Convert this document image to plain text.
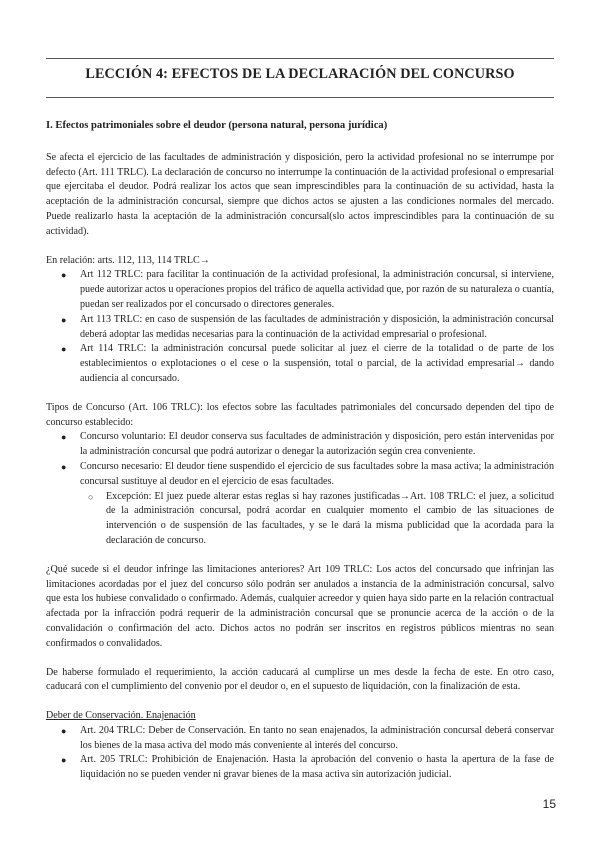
LECCIÓN 4: EFECTOS DE LA DECLARACIÓN DEL CONCURSO

I. Efectos patrimoniales sobre el deudor (persona natural, persona jurídica)

Se afecta el ejercicio de las facultades de administración y disposición, pero la actividad profesional no se interrumpe por defecto (Art. 111 TRLC). La declaración de concurso no interrumpe la continuación de la actividad profesional o empresarial que ejercitaba el deudor. Podrá realizar los actos que sean imprescindibles para la continuación de su actividad, hasta la aceptación de la administración concursal, siempre que dichos actos se ajusten a las condiciones normales del mercado. Puede realizarlo hasta la aceptación de la administración concursal(slo actos imprescindibles para la continuación de su actividad).

En relación: arts. 112, 113, 114 TRLC→

● Art 112 TRLC: para facilitar la continuación de la actividad profesional, la administración concursal, si interviene, puede autorizar actos u operaciones propios del tráfico de aquella actividad que, por razón de su naturaleza o cuantía, puedan ser realizados por el concursado o directores generales.
● Art 113 TRLC: en caso de suspensión de las facultades de administración y disposición, la administración concursal deberá adoptar las medidas necesarias para la continuación de la actividad empresarial o profesional.
● Art 114 TRLC: la administración concursal puede solicitar al juez el cierre de la totalidad o de parte de los establecimientos o explotaciones o el cese o la suspensión, total o parcial, de la actividad empresarial→ dando audiencia al concursado.

Tipos de Concurso (Art. 106 TRLC): los efectos sobre las facultades patrimoniales del concursado dependen del tipo de concurso establecido:

● Concurso voluntario: El deudor conserva sus facultades de administración y disposición, pero están intervenidas por la administración concursal que podrá autorizar o denegar la autorización según crea conveniente.
● Concurso necesario: El deudor tiene suspendido el ejercicio de sus facultades sobre la masa activa; la administración concursal sustituye al deudor en el ejercicio de esas facultades.
○ Excepción: El juez puede alterar estas reglas si hay razones justificadas→Art. 108 TRLC: el juez, a solicitud de la administración concursal, podrá acordar en cualquier momento el cambio de las situaciones de intervención o de suspensión de las facultades, y se le dará la misma publicidad que la acordada para la declaración de concurso.

¿Qué sucede si el deudor infringe las limitaciones anteriores? Art 109 TRLC: Los actos del concursado que infrinjan las limitaciones acordadas por el juez del concurso sólo podrán ser anulados a instancia de la administración concursal, salvo que esta los hubiese convalidado o confirmado. Además, cualquier acreedor y quien haya sido parte en la relación contractual afectada por la infracción podrá requerir de la administración concursal que se pronuncie acerca de la acción o de la convalidación o confirmación del acto. Dichos actos no podrán ser inscritos en registros públicos mientras no sean confirmados o convalidados.

De haberse formulado el requerimiento, la acción caducará al cumplirse un mes desde la fecha de este. En otro caso, caducará con el cumplimiento del convenio por el deudor o, en el supuesto de liquidación, con la finalización de esta.

Deber de Conservación. Enajenación

● Art. 204 TRLC: Deber de Conservación. En tanto no sean enajenados, la administración concursal deberá conservar los bienes de la masa activa del modo más conveniente al interés del concurso.
● Art. 205 TRLC: Prohibición de Enajenación. Hasta la aprobación del convenio o hasta la apertura de la fase de liquidación no se pueden vender ni gravar bienes de la masa activa sin autorización judicial.
15
